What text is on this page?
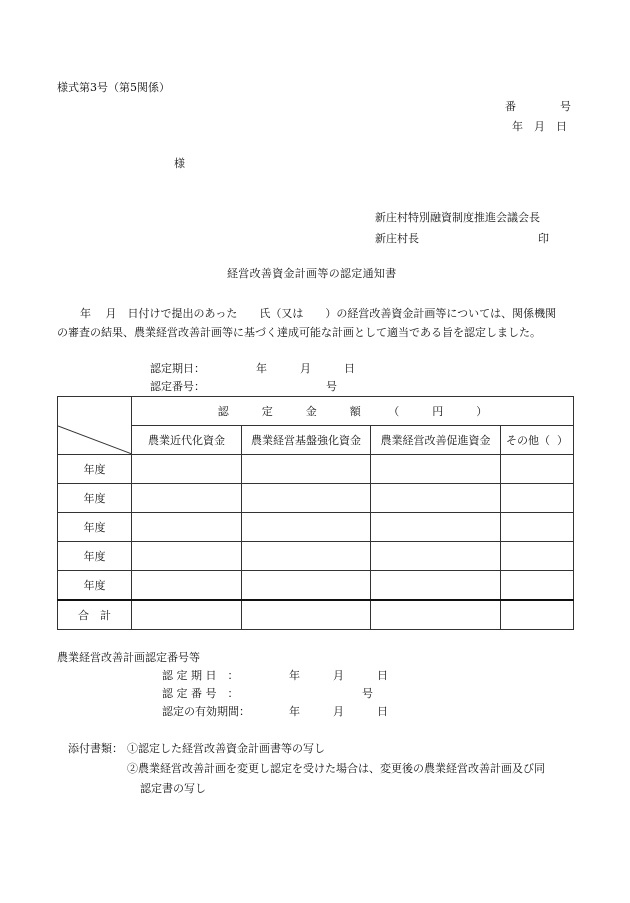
様式第3号（第5関係）
番　　　　号
年　月　日
様
新庄村特別融資制度推進会議会長
新庄村長	印
経営改善資金計画等の認定通知書
年　 月　日付けで提出のあった　　氏（又は　　）の経営改善資金計画等については、関係機関
の審査の結果、農業経営改善計画等に基づく達成可能な計画として適当である旨を認定しました。
認定期日：	年　　　月　　　日
認定番号：	号
	認　　　定　　　金　　　額　　　（　　　円　　　）			
	農業近代化資金	農業経営基盤強化資金	農業経営改善促進資金	その他（  ）
年度				
年度				
年度				
年度				
年度				
合　計				
農業経営改善計画認定番号等
認 定 期 日　：	年　　　月　　　日
認 定 番 号　：	号
認定の有効期間：	年　　　月　　　日
添付書類： ①認定した経営改善資金計画書等の写し
②農業経営改善計画を変更し認定を受けた場合は、変更後の農業経営改善計画及び同
認定書の写し
